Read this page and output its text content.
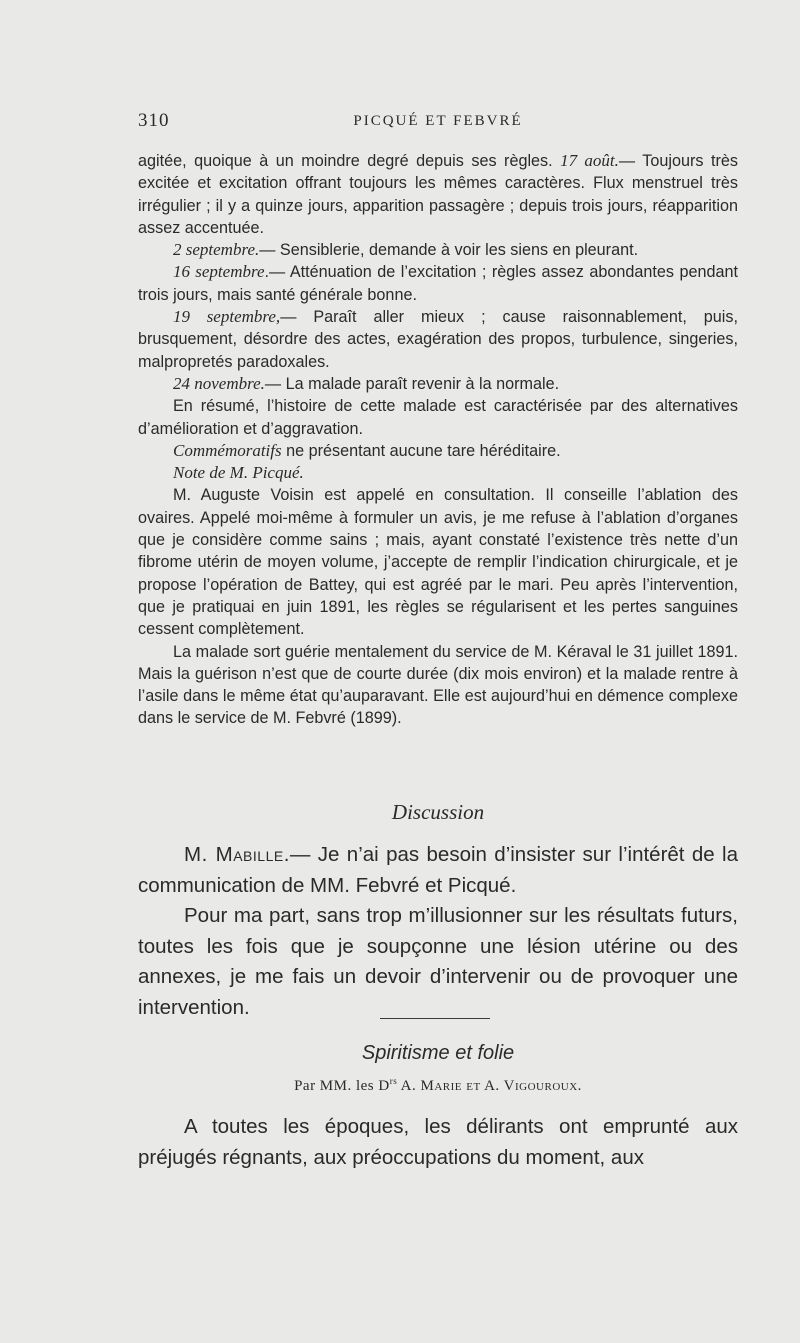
310	PICQUÉ ET FEBVRÉ

agitée, quoique à un moindre degré depuis ses règles. 17 août.— Toujours très excitée et excitation offrant toujours les mêmes caractères. Flux menstruel très irrégulier ; il y a quinze jours, apparition passagère ; depuis trois jours, réapparition assez accentuée.

2 septembre.— Sensiblerie, demande à voir les siens en pleurant.

16 septembre.— Atténuation de l’excitation ; règles assez abondantes pendant trois jours, mais santé générale bonne.

19 septembre,— Paraît aller mieux ; cause raisonnablement, puis, brusquement, désordre des actes, exagération des propos, turbulence, singeries, malpropretés paradoxales.

24 novembre.— La malade paraît revenir à la normale.

En résumé, l’histoire de cette malade est caractérisée par des alternatives d’amélioration et d’aggravation.

Commémoratifs ne présentant aucune tare héréditaire.

Note de M. Picqué.

M. Auguste Voisin est appelé en consultation. Il conseille l’ablation des ovaires. Appelé moi-même à formuler un avis, je me refuse à l’ablation d’organes que je considère comme sains ; mais, ayant constaté l’existence très nette d’un fibrome utérin de moyen volume, j’accepte de remplir l’indication chirurgicale, et je propose l’opération de Battey, qui est agréé par le mari. Peu après l’intervention, que je pratiquai en juin 1891, les règles se régularisent et les pertes sanguines cessent complètement.

La malade sort guérie mentalement du service de M. Kéraval le 31 juillet 1891. Mais la guérison n’est que de courte durée (dix mois environ) et la malade rentre à l’asile dans le même état qu’auparavant. Elle est aujourd’hui en démence complexe dans le service de M. Febvré (1899).

Discussion

M. Mabille.— Je n’ai pas besoin d’insister sur l’intérêt de la communication de MM. Febvré et Picqué.

Pour ma part, sans trop m’illusionner sur les résultats futurs, toutes les fois que je soupçonne une lésion utérine ou des annexes, je me fais un devoir d’intervenir ou de provoquer une intervention.

Spiritisme et folie
Par MM. les $D^{rs}$ A. Marie et A. Vigouroux.

A toutes les époques, les délirants ont emprunté aux préjugés régnants, aux préoccupations du moment, aux
